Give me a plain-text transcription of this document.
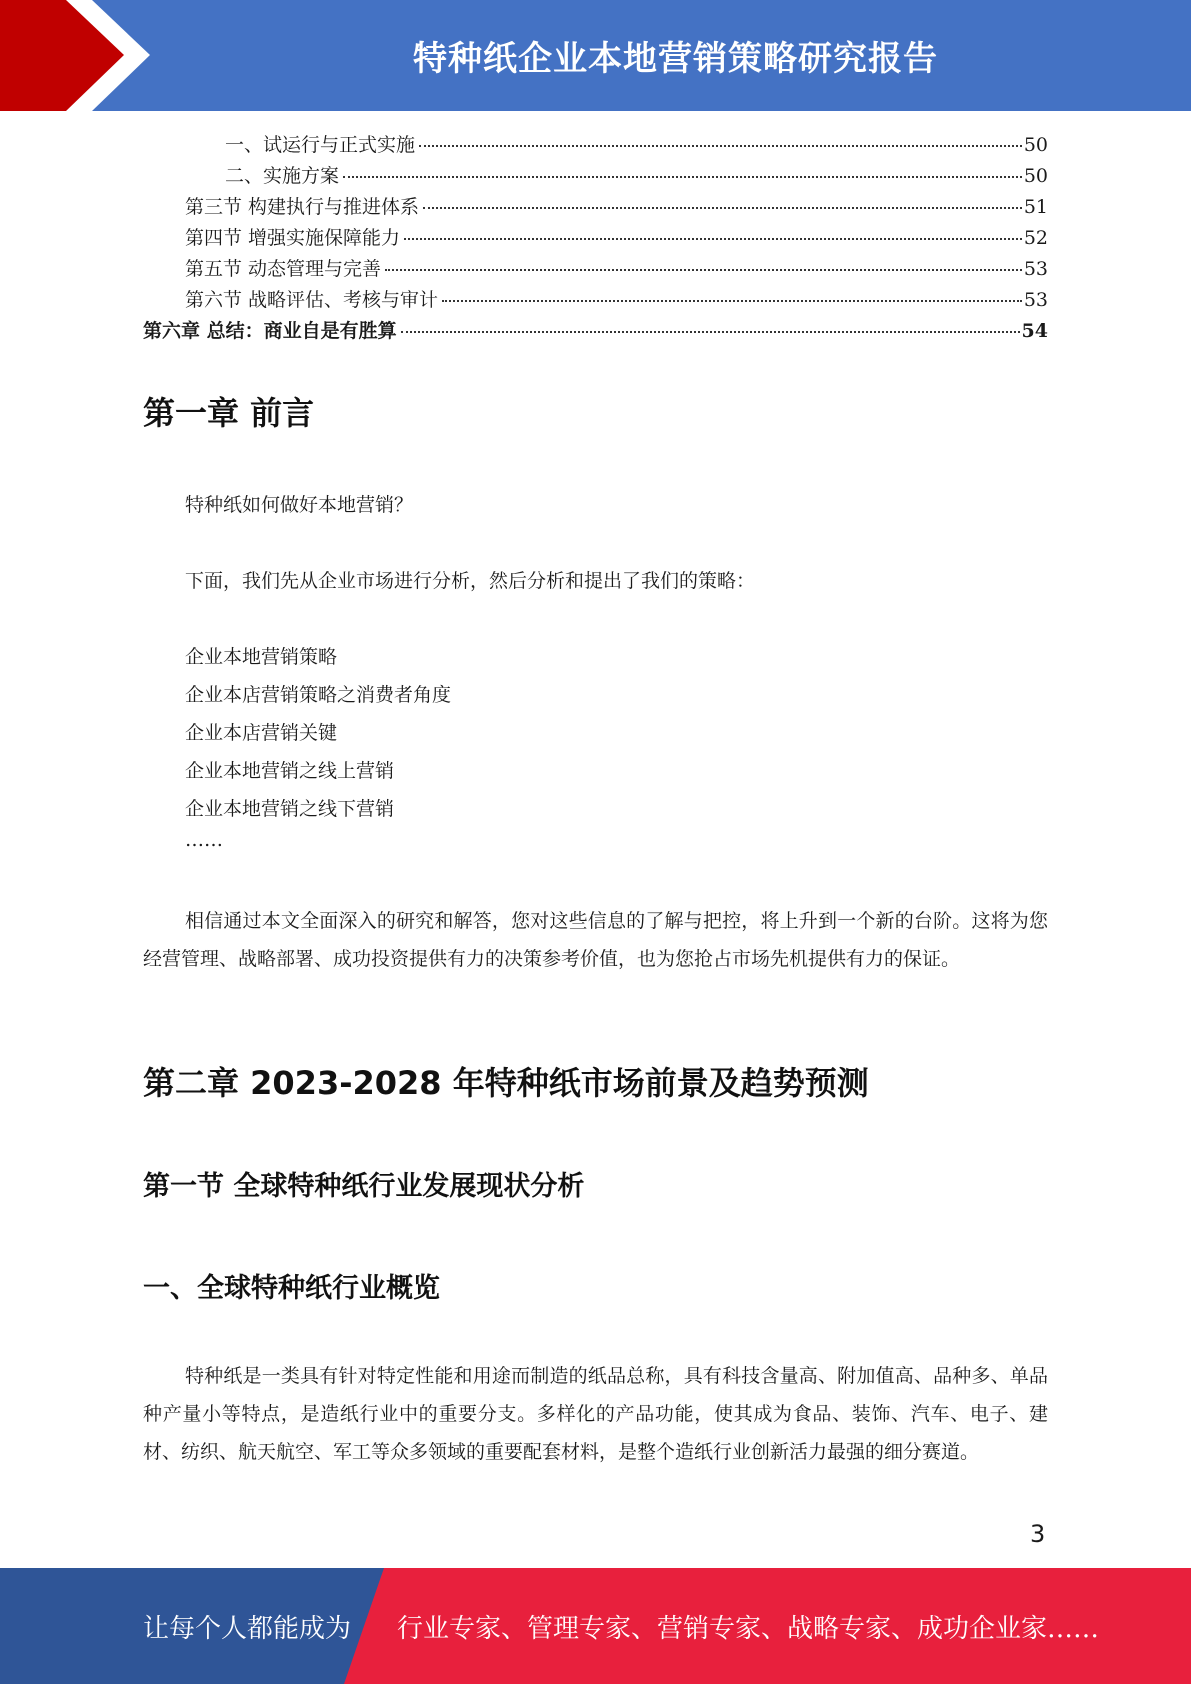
特种纸企业本地营销策略研究报告
一、试运行与正式实施	50
二、实施方案	50
第三节 构建执行与推进体系	51
第四节 增强实施保障能力	52
第五节 动态管理与完善	53
第六节 战略评估、考核与审计	53
第六章 总结：商业自是有胜算	54
第一章 前言
特种纸如何做好本地营销？
下面，我们先从企业市场进行分析，然后分析和提出了我们的策略：
企业本地营销策略
企业本店营销策略之消费者角度
企业本店营销关键
企业本地营销之线上营销
企业本地营销之线下营销
……
相信通过本文全面深入的研究和解答，您对这些信息的了解与把控，将上升到一个新的台阶。这将为您经营管理、战略部署、成功投资提供有力的决策参考价值，也为您抢占市场先机提供有力的保证。
第二章 2023-2028 年特种纸市场前景及趋势预测
第一节 全球特种纸行业发展现状分析
一、全球特种纸行业概览
特种纸是一类具有针对特定性能和用途而制造的纸品总称，具有科技含量高、附加值高、品种多、单品种产量小等特点，是造纸行业中的重要分支。多样化的产品功能，使其成为食品、装饰、汽车、电子、建材、纺织、航天航空、军工等众多领域的重要配套材料，是整个造纸行业创新活力最强的细分赛道。
3
让每个人都能成为 行业专家、管理专家、营销专家、战略专家、成功企业家……
